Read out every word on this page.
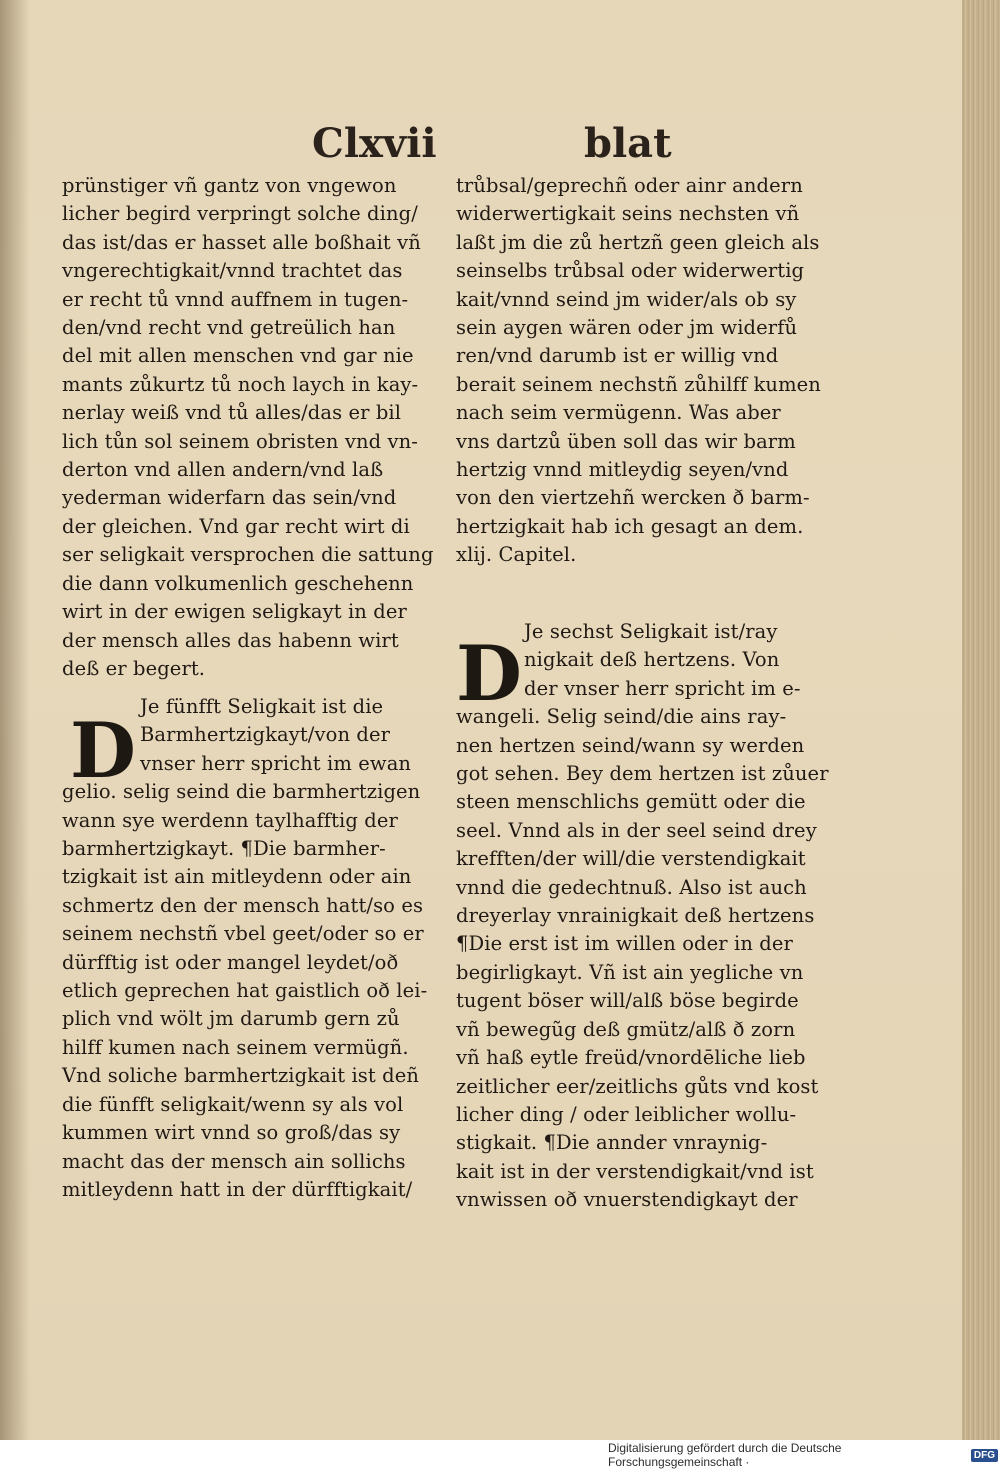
Clxvii	blat
prünstiger vñ gantz von vngewon
licher begird verpringt solche ding/
das ist/das er hasset alle boßhait vñ
vngerechtigkait/vnnd trachtet das
er recht tů vnnd auffnem in tugen-
den/vnd recht vnd getreülich han
del mit allen menschen vnd gar nie
mants zůkurtz tů noch laych in kay-
nerlay weiß vnd tů alles/das er bil
lich tůn sol seinem obristen vnd vn-
derton vnd allen andern/vnd laß
yederman widerfarn das sein/vnd
der gleichen. Vnd gar recht wirt di
ser seligkait versprochen die sattung
die dann volkumenlich geschehenn
wirt in der ewigen seligkayt in der
der mensch alles das habenn wirt
deß er begert.
trůbsal/geprechñ oder ainr andern
widerwertigkait seins nechsten vñ
laßt jm die zů hertzñ geen gleich als
seinselbs trůbsal oder widerwertig
kait/vnnd seind jm wider/als ob sy
sein aygen wären oder jm widerfů
ren/vnd darumb ist er willig vnd
berait seinem nechstñ zůhilff kumen
nach seim vermügenn. Was aber
vns dartzů üben soll das wir barm
hertzig vnnd mitleydig seyen/vnd
von den viertzehñ wercken ð barm-
hertzigkait hab ich gesagt an dem.
xlij. Capitel.
D Je fünfft Seligkait ist die
Barmhertzigkayt/von der
vnser herr spricht im ewan
gelio. selig seind die barmhertzigen
wann sye werdenn taylhafftig der
barmhertzigkayt. ¶Die barmher-
tzigkait ist ain mitleydenn oder ain
schmertz den der mensch hatt/so es
seinem nechstñ vbel geet/oder so er
dürfftig ist oder mangel leydet/oð
etlich geprechen hat gaistlich oð lei-
plich vnd wölt jm darumb gern zů
hilff kumen nach seinem vermügñ.
Vnd soliche barmhertzigkait ist deñ
die fünfft seligkait/wenn sy als vol
kummen wirt vnnd so groß/das sy
macht das der mensch ain sollichs
mitleydenn hatt in der dürfftigkait/
D Je sechst Seligkait ist/ray
nigkait deß hertzens. Von
der vnser herr spricht im e-
wangeli. Selig seind/die ains ray-
nen hertzen seind/wann sy werden
got sehen. Bey dem hertzen ist zůuer
steen menschlichs gemütt oder die
seel. Vnnd als in der seel seind drey
krefften/der will/die verstendigkait
vnnd die gedechtnuß. Also ist auch
dreyerlay vnrainigkait deß hertzens
¶Die erst ist im willen oder in der
begirligkayt. Vñ ist ain yegliche vn
tugent böser will/alß böse begirde
vñ bewegũg deß gmütz/alß ð zorn
vñ haß eytle freüd/vnordēliche lieb
zeitlicher eer/zeitlichs gůts vnd kost
licher ding / oder leiblicher wollu-
stigkait. ¶Die annder vnraynig-
kait ist in der verstendigkait/vnd ist
vnwissen oð vnuerstendigkayt der
Digitalisierung gefördert durch die Deutsche Forschungsgemeinschaft ·	DFG
